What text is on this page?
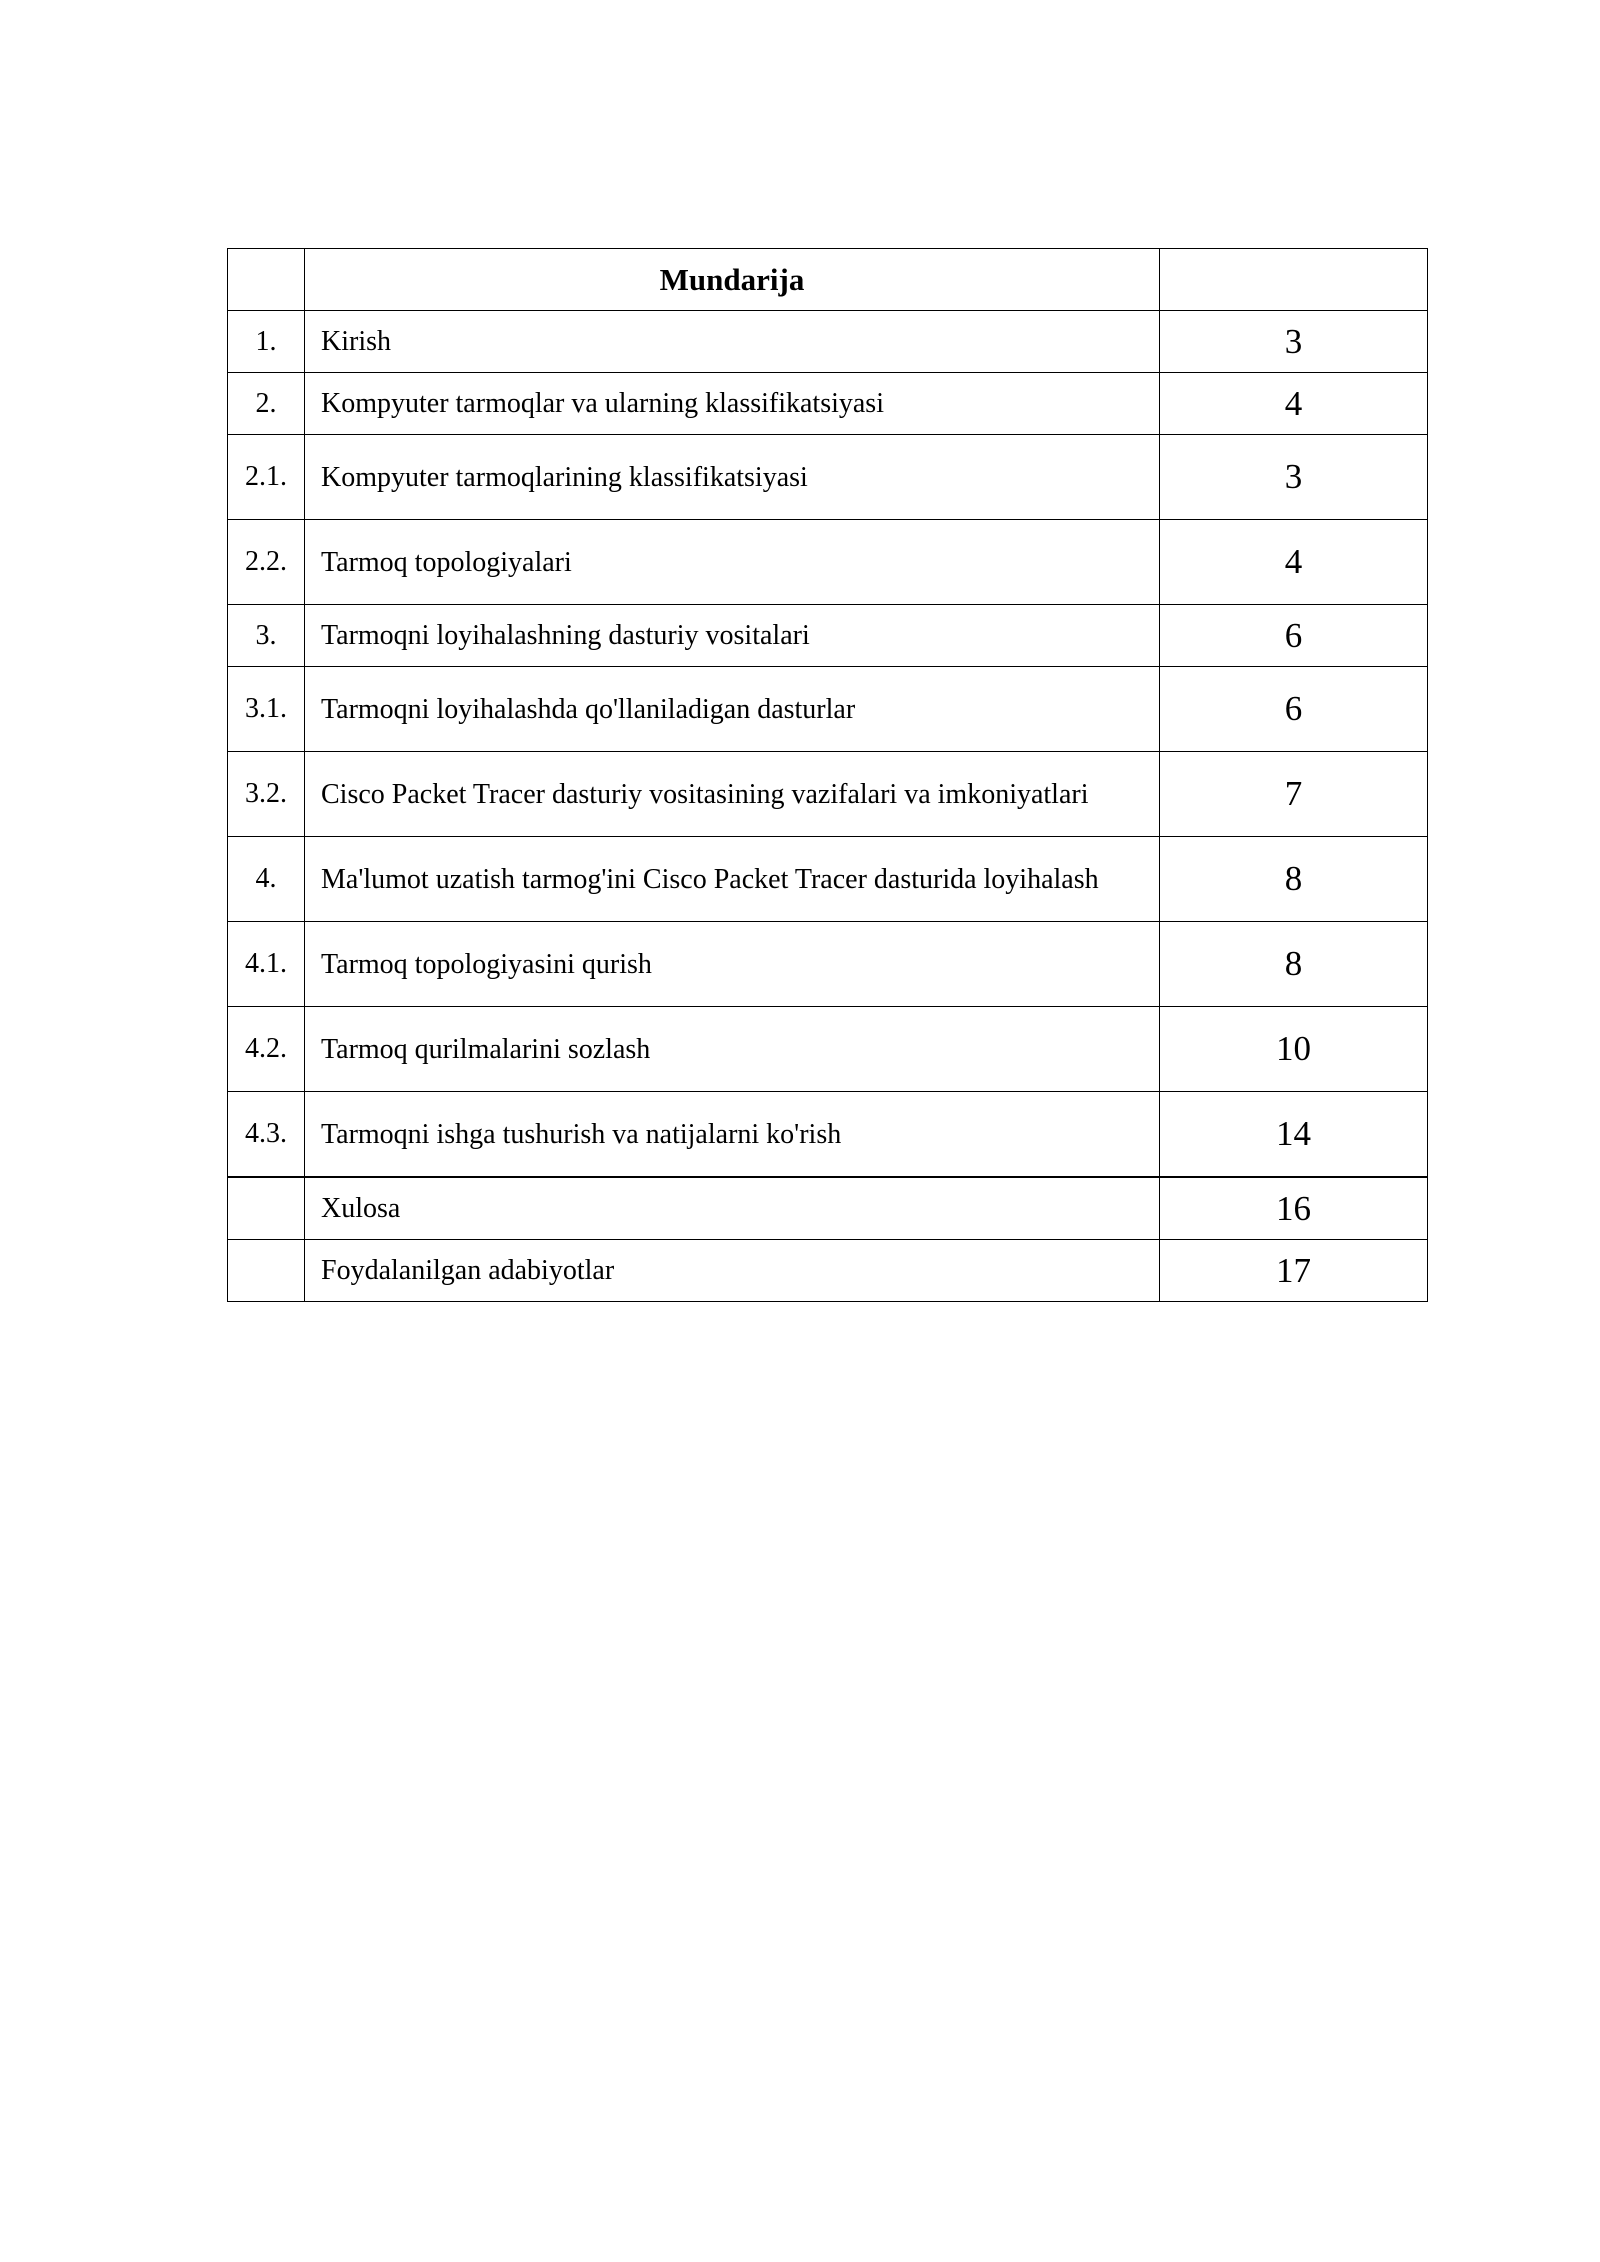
	Mundarija	

1.	Kirish	3

2.	Kompyuter tarmoqlar va ularning klassifikatsiyasi	4

2.1.	Kompyuter tarmoqlarining klassifikatsiyasi	3

2.2.	Tarmoq topologiyalari	4

3.	Tarmoqni loyihalashning dasturiy vositalari	6

3.1.	Tarmoqni loyihalashda qo'llaniladigan dasturlar	6

3.2.	Cisco Packet Tracer dasturiy vositasining vazifalari va imkoniyatlari	7

4.	Ma'lumot uzatish tarmog'ini Cisco Packet Tracer dasturida loyihalash	8

4.1.	Tarmoq topologiyasini qurish	8

4.2.	Tarmoq qurilmalarini sozlash	10

4.3.	Tarmoqni ishga tushurish va natijalarni ko'rish	14

	Xulosa	16

	Foydalanilgan adabiyotlar	17
